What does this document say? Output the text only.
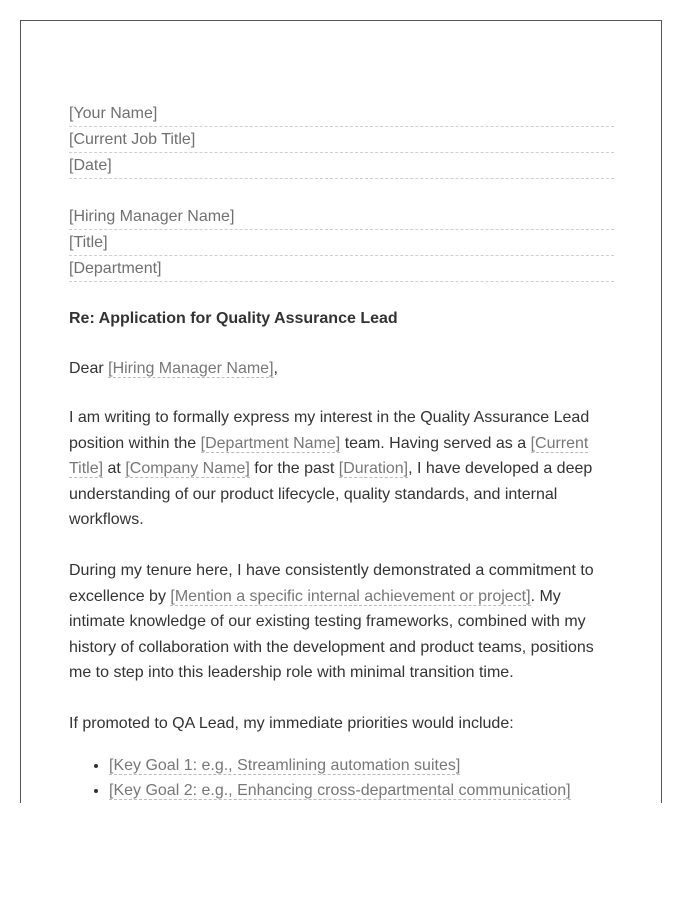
[Your Name]
[Current Job Title]
[Date]
[Hiring Manager Name]
[Title]
[Department]
Re: Application for Quality Assurance Lead
Dear [Hiring Manager Name],
I am writing to formally express my interest in the Quality Assurance Lead position within the [Department Name] team. Having served as a [Current Title] at [Company Name] for the past [Duration], I have developed a deep understanding of our product lifecycle, quality standards, and internal workflows.
During my tenure here, I have consistently demonstrated a commitment to excellence by [Mention a specific internal achievement or project]. My intimate knowledge of our existing testing frameworks, combined with my history of collaboration with the development and product teams, positions me to step into this leadership role with minimal transition time.
If promoted to QA Lead, my immediate priorities would include:
• [Key Goal 1: e.g., Streamlining automation suites]
• [Key Goal 2: e.g., Enhancing cross-departmental communication]
